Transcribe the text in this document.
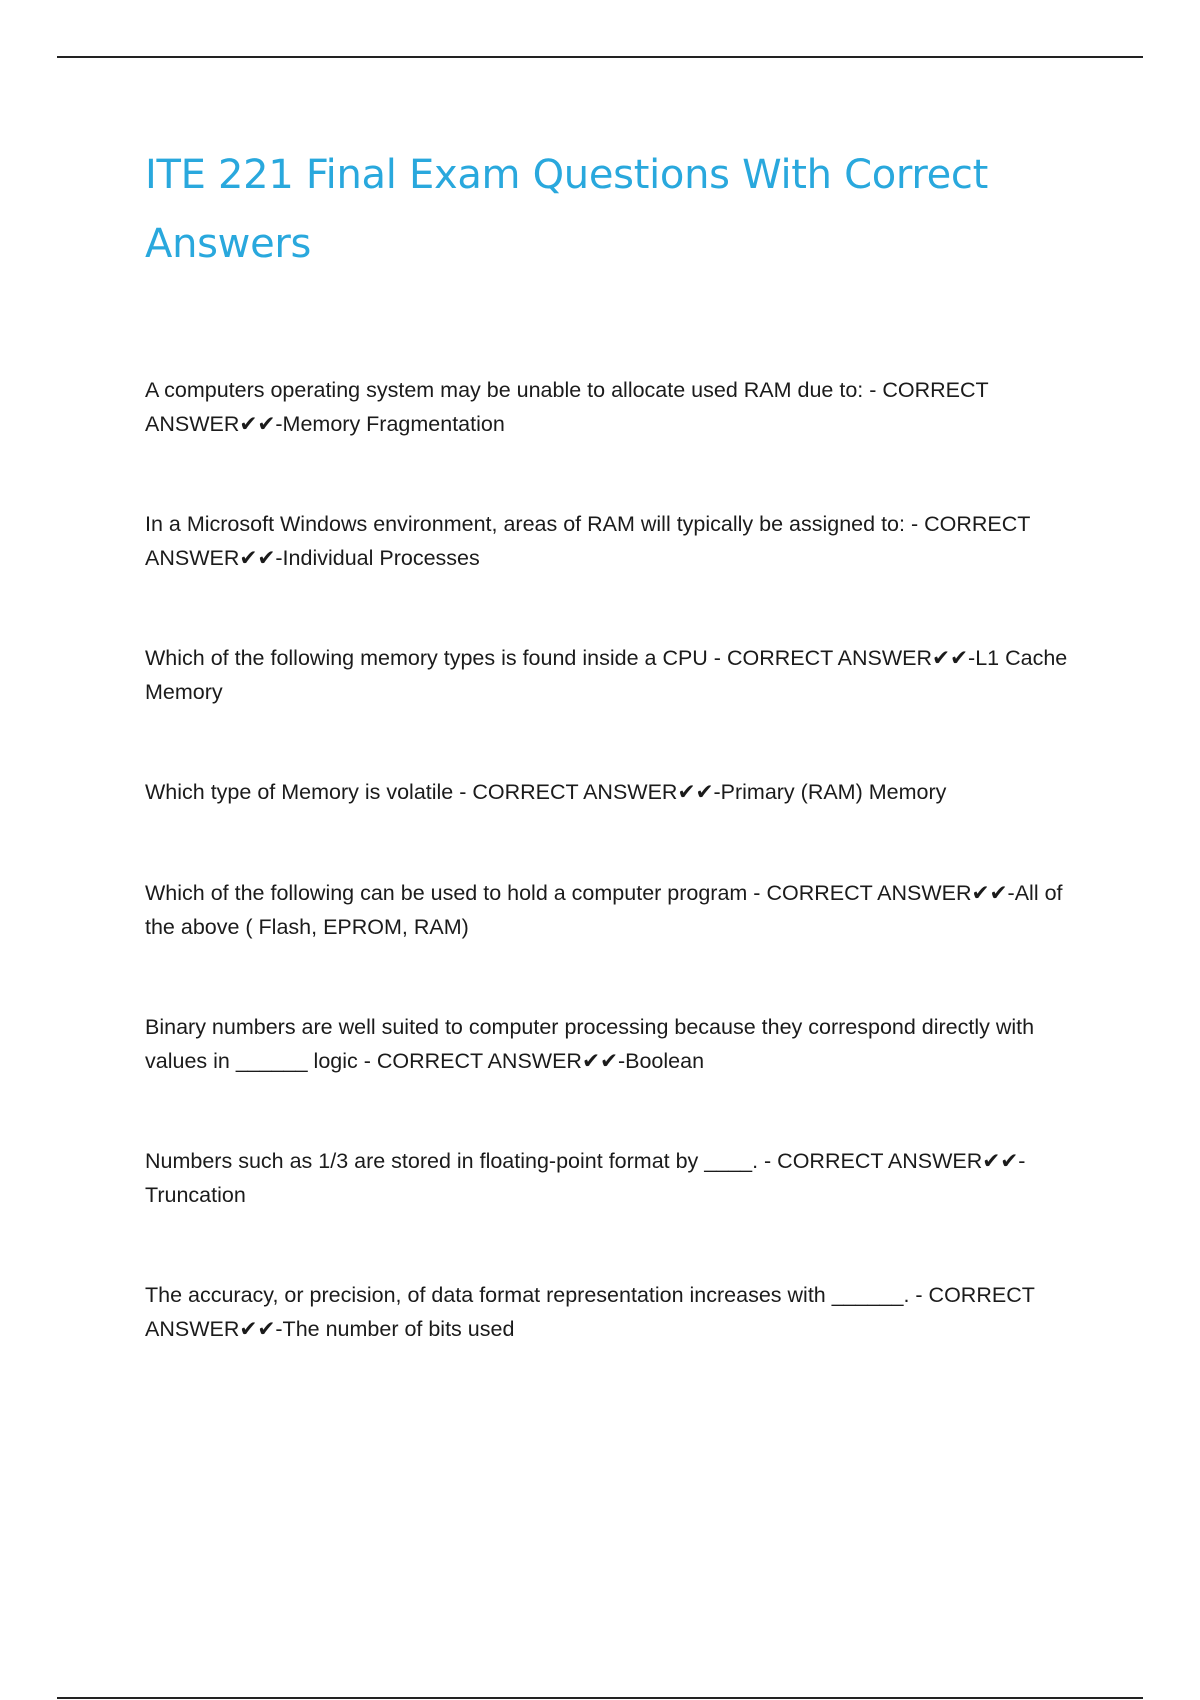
ITE 221 Final Exam Questions With Correct Answers
A computers operating system may be unable to allocate used RAM due to: - CORRECT ANSWER✔✔-Memory Fragmentation
In a Microsoft Windows environment, areas of RAM will typically be assigned to: - CORRECT ANSWER✔✔-Individual Processes
Which of the following memory types is found inside a CPU - CORRECT ANSWER✔✔-L1 Cache Memory
Which type of Memory is volatile - CORRECT ANSWER✔✔-Primary (RAM) Memory
Which of the following can be used to hold a computer program - CORRECT ANSWER✔✔-All of the above ( Flash, EPROM, RAM)
Binary numbers are well suited to computer processing because they correspond directly with values in ______ logic - CORRECT ANSWER✔✔-Boolean
Numbers such as 1/3 are stored in floating-point format by ____. - CORRECT ANSWER✔✔-Truncation
The accuracy, or precision, of data format representation increases with ______. - CORRECT ANSWER✔✔-The number of bits used
